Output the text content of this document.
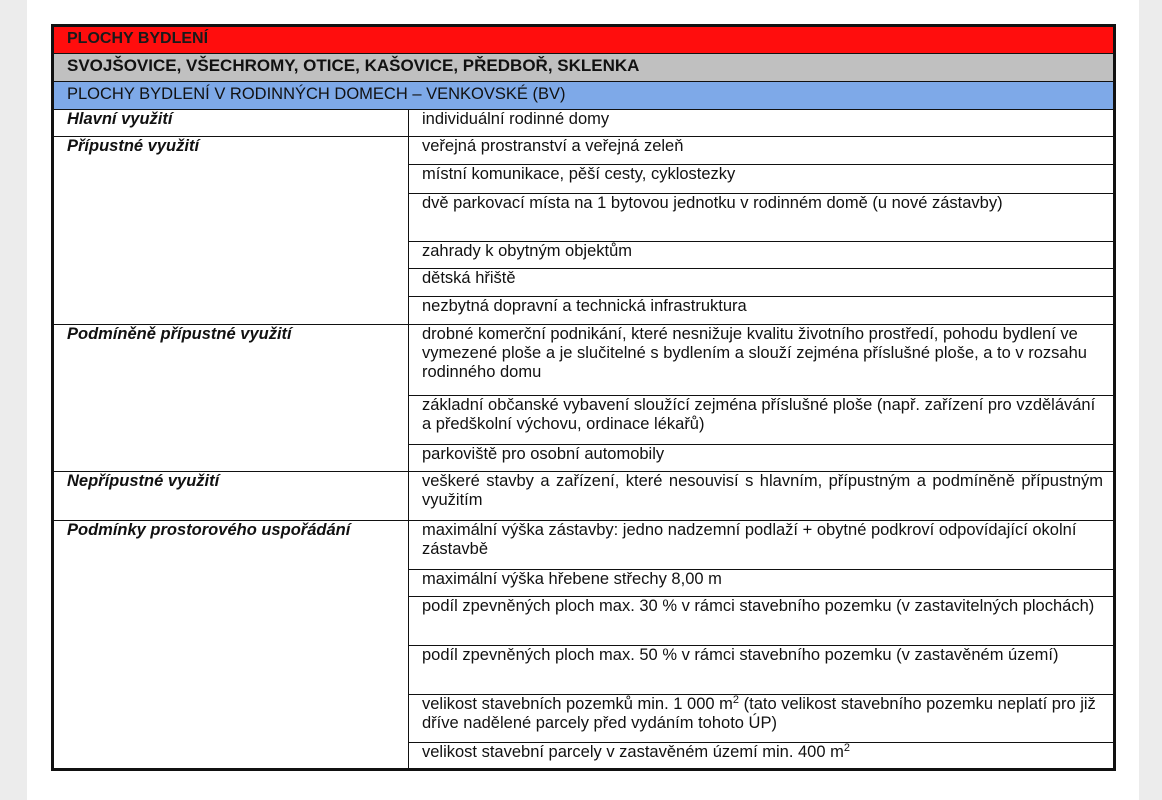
PLOCHY BYDLENÍ	
SVOJŠOVICE, VŠECHROMY, OTICE, KAŠOVICE, PŘEDBOŘ, SKLENKA	
PLOCHY BYDLENÍ V RODINNÝCH DOMECH – VENKOVSKÉ (BV)	
Hlavní využití	individuální rodinné domy
Přípustné využití	veřejná prostranství a veřejná zeleň
	místní komunikace, pěší cesty, cyklostezky
	dvě parkovací místa na 1 bytovou jednotku v rodinném domě (u nové zástavby)
	zahrady k obytným objektům
	dětská hřiště
	nezbytná dopravní a technická infrastruktura
Podmíněně přípustné využití	drobné komerční podnikání, které nesnižuje kvalitu životního prostředí, pohodu bydlení ve vymezené ploše a je slučitelné s bydlením a slouží zejména příslušné ploše, a to v rozsahu rodinného domu
	základní občanské vybavení sloužící zejména příslušné ploše (např. zařízení pro vzdělávání a předškolní výchovu, ordinace lékařů)
	parkoviště pro osobní automobily
Nepřípustné využití	veškeré stavby a zařízení, které nesouvisí s hlavním, přípustným a podmíněně přípustným využitím
Podmínky prostorového uspořádání	maximální výška zástavby: jedno nadzemní podlaží + obytné podkroví odpovídající okolní zástavbě
	maximální výška hřebene střechy 8,00 m
	podíl zpevněných ploch max. 30 % v rámci stavebního pozemku (v zastavitelných plochách)
	podíl zpevněných ploch max. 50 % v rámci stavebního pozemku (v zastavěném území)
	velikost stavebních pozemků min. 1 000 $m^2$ (tato velikost stavebního pozemku neplatí pro již dříve nadělené parcely před vydáním tohoto ÚP)
	velikost stavební parcely v zastavěném území min. 400 $m^2$
